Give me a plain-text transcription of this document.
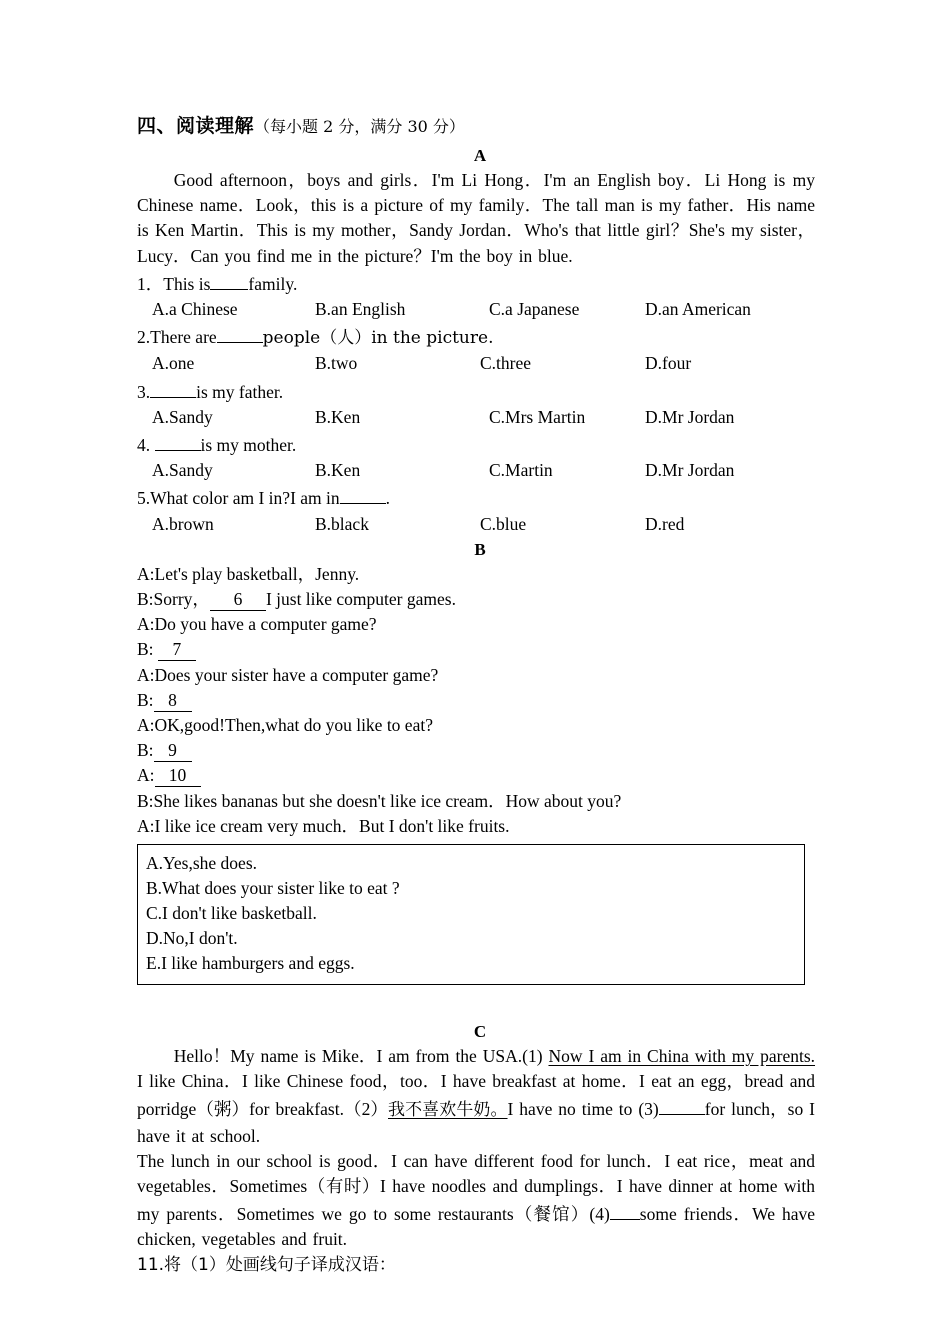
四、阅读理解（每小题 2 分，满分 30 分）

A

Good afternoon，boys and girls．I'm Li Hong．I'm an English boy．Li Hong is my Chinese name．Look，this is a picture of my family．The tall man is my father．His name is Ken Martin．This is my mother，Sandy Jordan．Who's that little girl？She's my sister，Lucy．Can you find me in the picture？I'm the boy in blue.

1．This is family.

A.a Chinese	B.an English	C.a Japanese	D.an American

2.There are	people（人）in the picture.

A.one	B.two	C.three	D.four

3.	is my father.

A.Sandy	B.Ken	C.Mrs Martin	D.Mr Jordan

4.	is my mother.

A.Sandy	B.Ken	C.Martin	D.Mr Jordan

5.What color am I in?I am in	.

A.brown	B.black	C.blue	D.red

B

A:Let's play basketball，Jenny.

B:Sorry， 6 I just like computer games.

A:Do you have a computer game?

B: 7

A:Does your sister have a computer game?

B: 8

A:OK,good!Then,what do you like to eat?

B: 9

A: 10

B:She likes bananas but she doesn't like ice cream．How about you?

A:I like ice cream very much．But I don't like fruits.

A.Yes,she does.

B.What does your sister like to eat ?

C.I don't like basketball.

D.No,I don't.

E.I like hamburgers and eggs.

C

Hello！My name is Mike．I am from the USA.(1) Now I am in China with my parents. I like China．I like Chinese food，too．I have breakfast at home．I eat an egg，bread and porridge（粥）for breakfast.（2）我不喜欢牛奶。I have no time to (3)	for lunch，so I have it at school.

The lunch in our school is good．I can have different food for lunch．I eat rice，meat and vegetables．Sometimes（有时）I have noodles and dumplings．I have dinner at home with my parents．Sometimes we go to some restaurants（餐馆）(4) some friends．We have chicken, vegetables and fruit.

11.将（1）处画线句子译成汉语：
